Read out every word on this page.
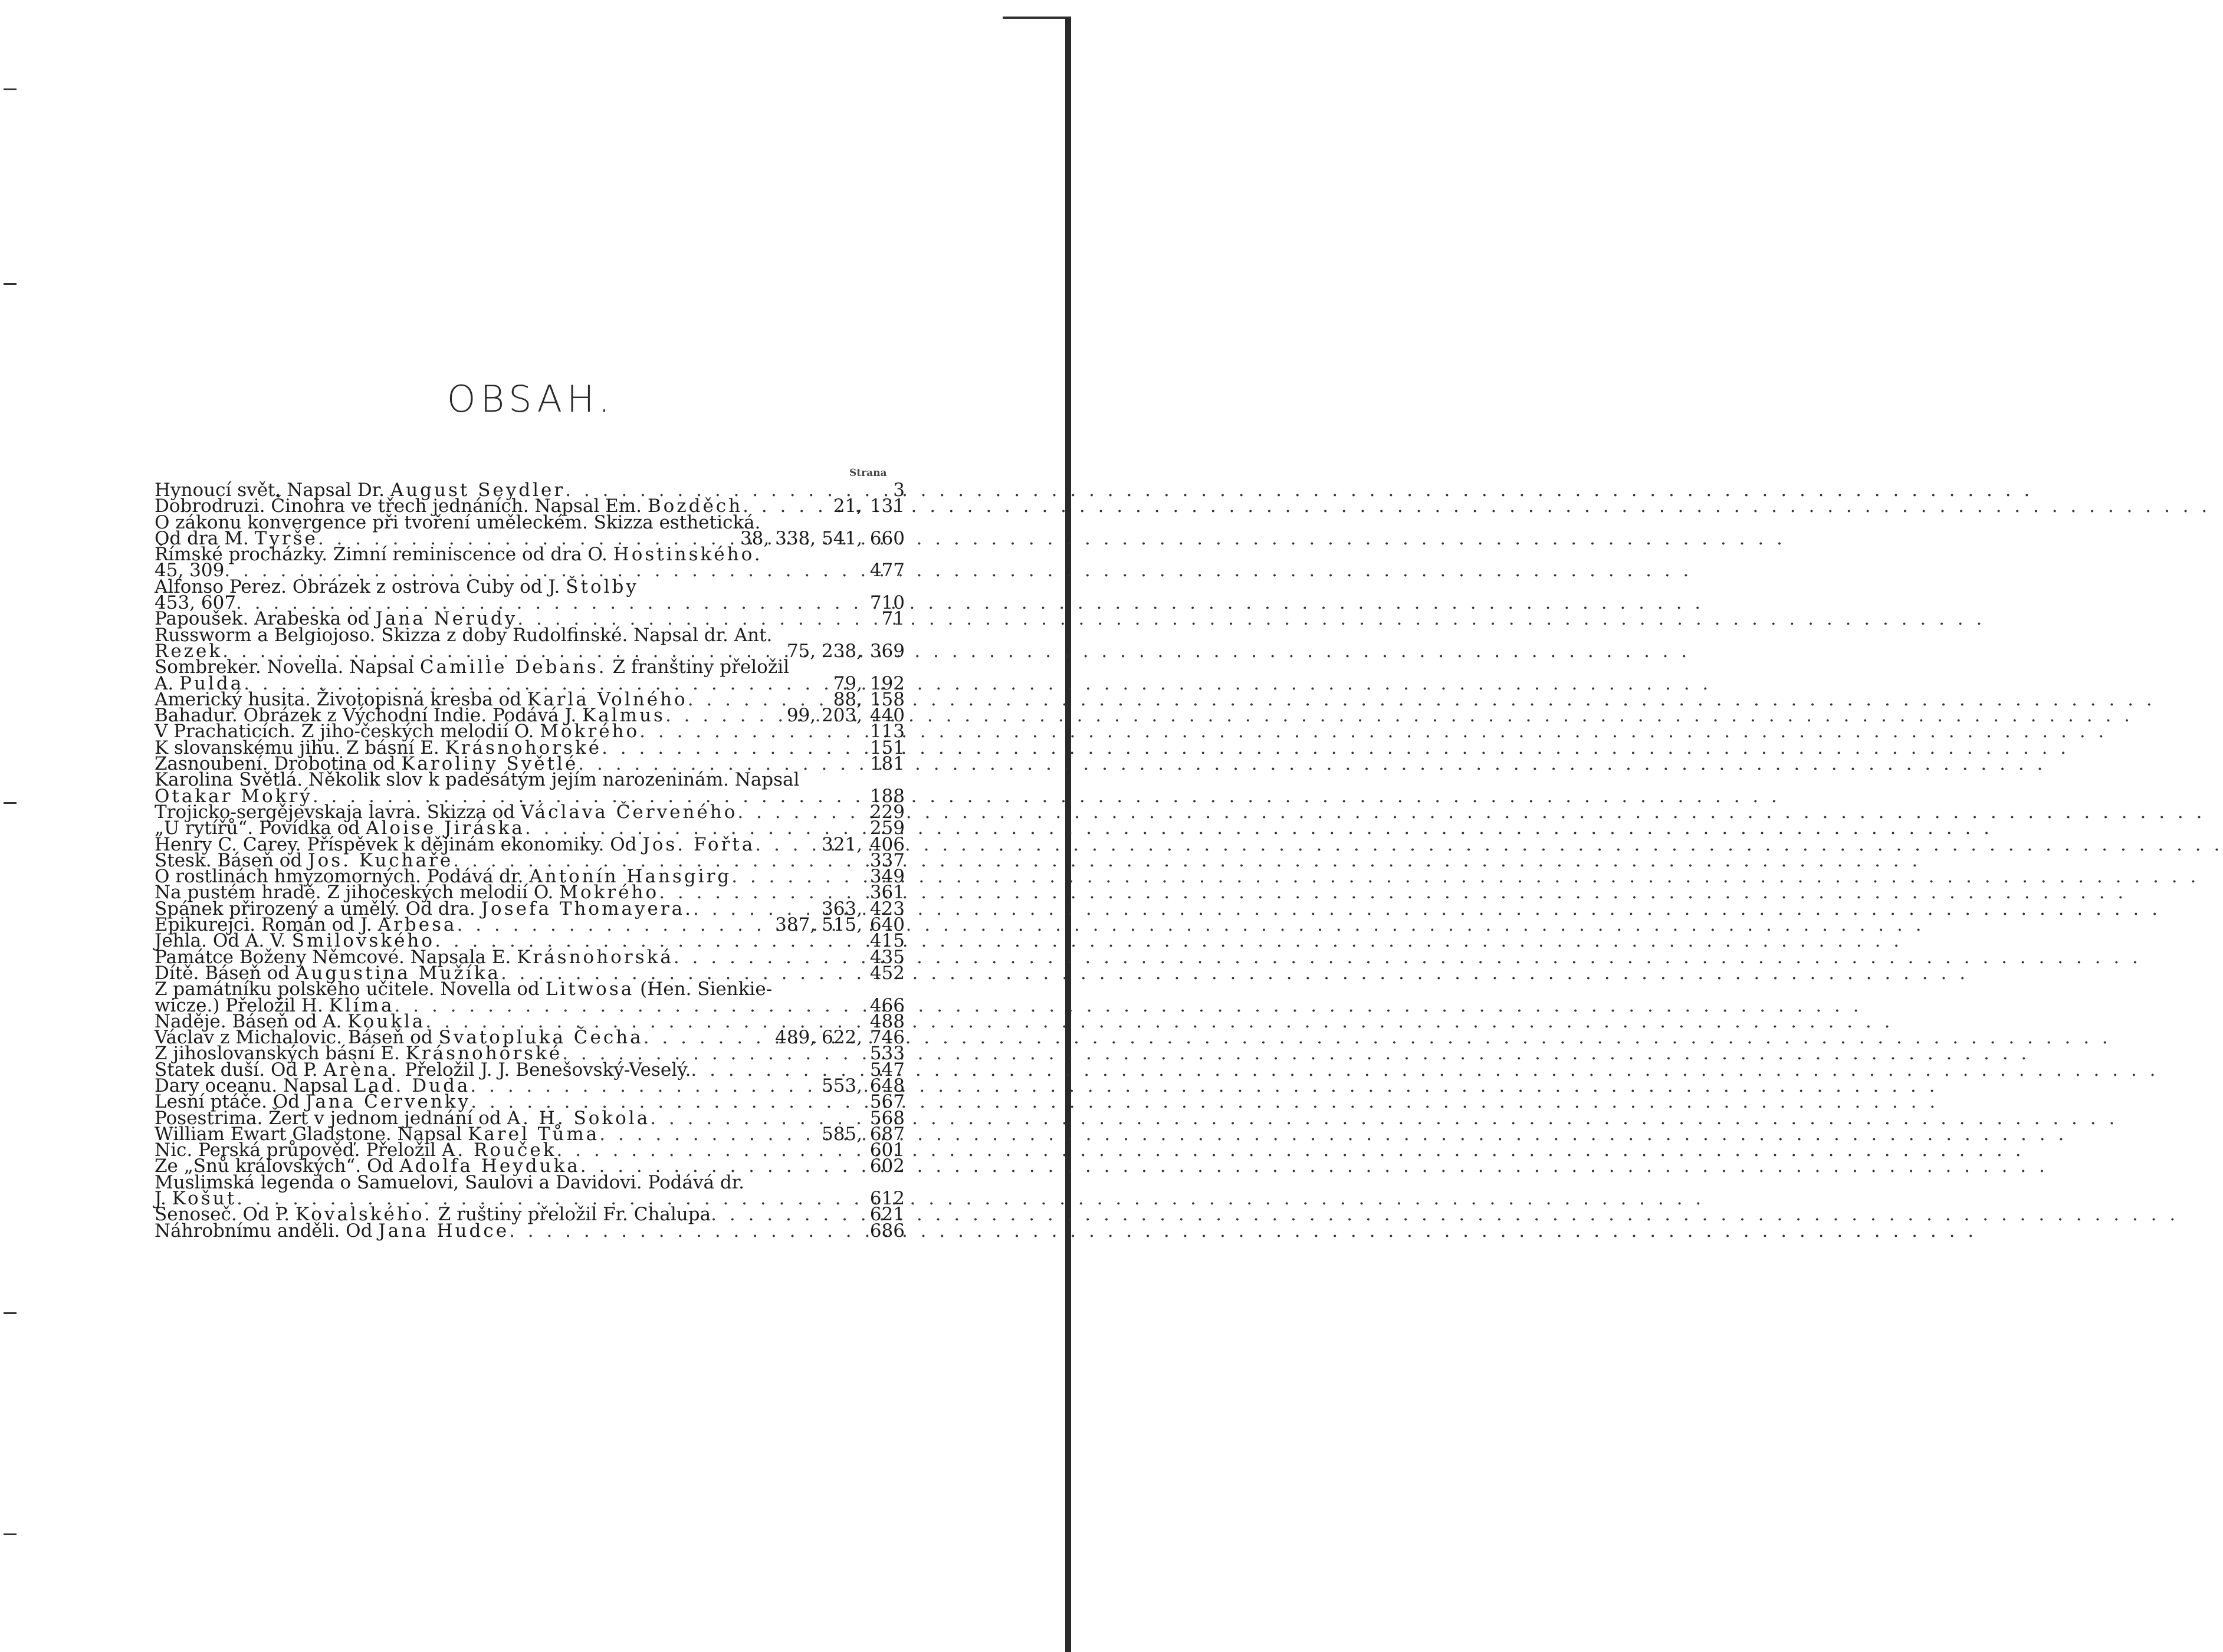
OBSAH.
Strana
Hynoucí svět. Napsal Dr. August Seydler . . .	3
Dobrodruzi. Činohra ve třech jednáních. Napsal Em. Bozděch . . .	21, 131
O zákonu konvergence při tvoření uměleckém. Skizza esthetická.
Od dra M. Tyrše . . .	38, 338, 541, 660
Římské procházky. Zimní reminiscence od dra O. Hostinského.
45, 309 . . .	477
Alfonso Perez. Obrázek z ostrova Cuby od J. Štolby
453, 607 . . .	710
Papoušek. Arabeska od Jana Nerudy . . .	71
Russworm a Belgiojoso. Skizza z doby Rudolfinské. Napsal dr. Ant.
Rezek . . .	75, 238, 369
Sombreker. Novella. Napsal Camille Debans. Z franštiny přeložil
A. Pulda . . .	79, 192
Americký husita. Životopisná kresba od Karla Volného . . .	88, 158
Bahadur. Obrázek z Východní Indie. Podává J. Kalmus . . .	99, 203, 440
V Prachaticích. Z jiho-českých melodií O. Mokrého . . .	113
K slovanskému jihu. Z básní E. Krásnohorské . . .	151
Zasnoubení. Drobotina od Karoliny Světlé . . .	181
Karolina Světlá. Několik slov k padesátým jejím narozeninám. Napsal
Otakar Mokrý . . .	188
Trojicko-sergějevskaja lavra. Skizza od Václava Červeného . . .	229
„U rytířů“. Povídka od Aloise Jiráska . . .	259
Henry C. Carey. Příspěvek k dějinám ekonomiky. Od Jos. Fořta . . .	321, 406
Stesk. Báseň od Jos. Kuchaře . . .	337
O rostlinách hmyzomorných. Podává dr. Antonín Hansgirg . . .	349
Na pustém hradě. Z jihočeských melodií O. Mokrého . . .	361
Spánek přirozený a umělý. Od dra. Josefa Thomayera. . . .	363, 423
Epikurejci. Román od J. Arbesa . . .	387, 515, 640
Jehla. Od A. V. Šmilovského . . .	415
Památce Boženy Němcové. Napsala E. Krásnohorská . . .	435
Dítě. Báseň od Augustina Mužíka . . .	452
Z památníku polského učitele. Novella od Litwosa (Hen. Sienkie-
wicze.) Přeložil H. Klíma . . .	466
Naděje. Báseň od A. Koukla . . .	488
Václav z Michalovic. Báseň od Svatopluka Čecha . . .	489, 622, 746
Z jihoslovanských básní E. Krásnohorské . . .	533
Statek duší. Od P. Arèna. Přeložil J. J. Benešovský-Veselý. . . .	547
Dary oceanu. Napsal Lad. Duda . . .	553, 648
Lesní ptáče. Od Jana Červenky . . .	567
Posestrima. Žert v jednom jednání od A. H. Sokola . . .	568
William Ewart Gladstone. Napsal Karel Tůma . . .	585, 687
Nic. Perská průpověď. Přeložil A. Rouček . . .	601
Ze „Snů královských“. Od Adolfa Heyduka . . .	602
Muslimská legenda o Samuelovi, Saulovi a Davidovi. Podává dr.
J. Košut . . .	612
Senoseč. Od P. Kovalského. Z ruštiny přeložil Fr. Chalupa . . .	621
Náhrobnímu anděli. Od Jana Hudce . . .	686
